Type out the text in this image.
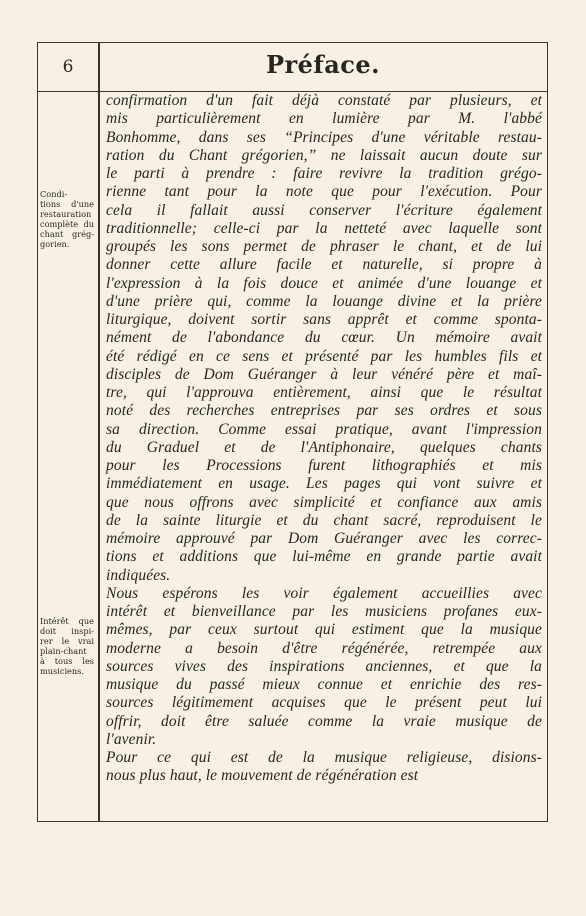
6	Préface.
Condi-
tions d'une
restauration
complète du
chant grég-
gorien.
Intérêt que
doit inspi-
rer le vrai
plain-chant
à tous les
musiciens.
confirmation d'un fait déjà constaté par plusieurs, et
mis particulièrement en lumière par M. l'abbé
Bonhomme, dans ses “Principes d'une véritable restau-
ration du Chant grégorien,” ne laissait aucun doute sur
le parti à prendre : faire revivre la tradition grégo-
rienne tant pour la note que pour l'exécution. Pour
cela il fallait aussi conserver l'écriture également
traditionnelle; celle-ci par la netteté avec laquelle sont
groupés les sons permet de phraser le chant, et de lui
donner cette allure facile et naturelle, si propre à
l'expression à la fois douce et animée d'une louange et
d'une prière qui, comme la louange divine et la prière
liturgique, doivent sortir sans apprêt et comme sponta-
nément de l'abondance du cœur. Un mémoire avait
été rédigé en ce sens et présenté par les humbles fils et
disciples de Dom Guéranger à leur vénéré père et maî-
tre, qui l'approuva entièrement, ainsi que le résultat
noté des recherches entreprises par ses ordres et sous
sa direction. Comme essai pratique, avant l'impression
du Graduel et de l'Antiphonaire, quelques chants
pour les Processions furent lithographiés et mis
immédiatement en usage. Les pages qui vont suivre et
que nous offrons avec simplicité et confiance aux amis
de la sainte liturgie et du chant sacré, reproduisent le
mémoire approuvé par Dom Guéranger avec les correc-
tions et additions que lui-même en grande partie avait
indiquées.
Nous espérons les voir également accueillies avec
intérêt et bienveillance par les musiciens profanes eux-
mêmes, par ceux surtout qui estiment que la musique
moderne a besoin d'être régénérée, retrempée aux
sources vives des inspirations anciennes, et que la
musique du passé mieux connue et enrichie des res-
sources légitimement acquises que le présent peut lui
offrir, doit être saluée comme la vraie musique de
l'avenir.
Pour ce qui est de la musique religieuse, disions-
nous plus haut, le mouvement de régénération est
